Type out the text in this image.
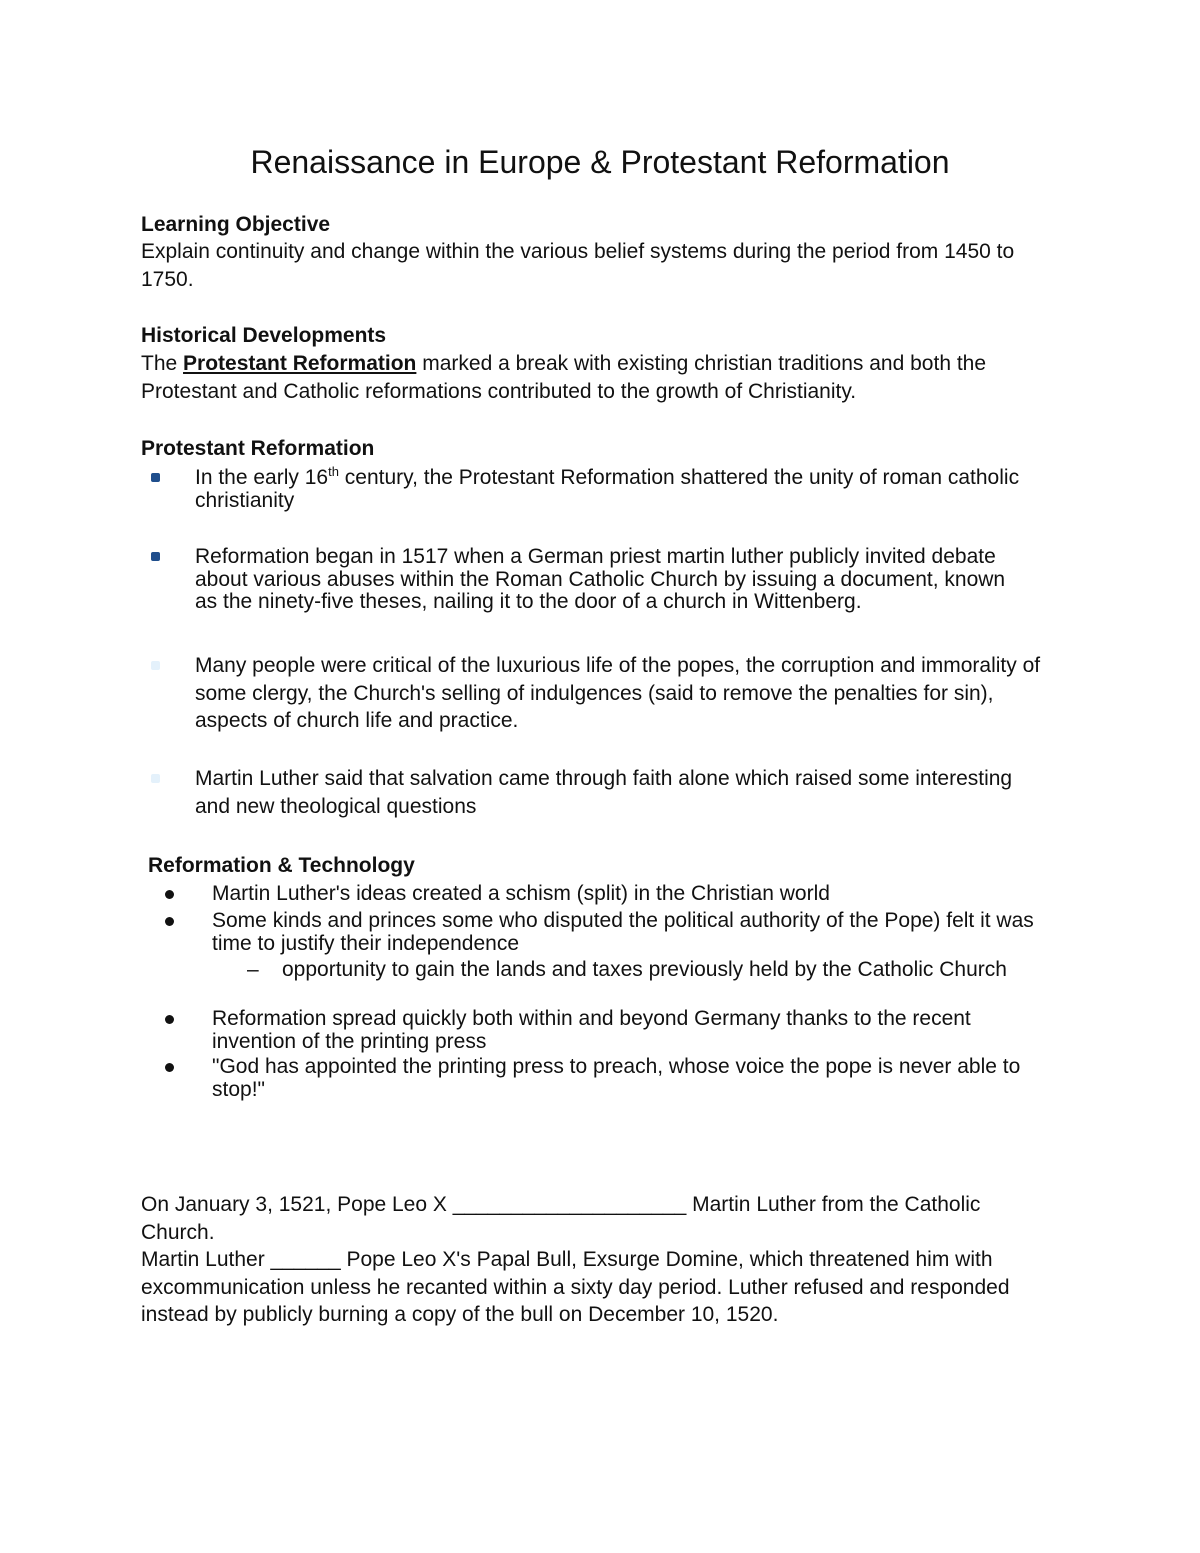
Renaissance in Europe & Protestant Reformation
Learning Objective
Explain continuity and change within the various belief systems during the period from 1450 to 1750.
Historical Developments
The Protestant Reformation marked a break with existing christian traditions and both the Protestant and Catholic reformations contributed to the growth of Christianity.
Protestant Reformation
In the early 16th century, the Protestant Reformation shattered the unity of roman catholic christianity
Reformation began in 1517 when a German priest martin luther publicly invited debate about various abuses within the Roman Catholic Church by issuing a document, known as the ninety-five theses, nailing it to the door of a church in Wittenberg.
Many people were critical of the luxurious life of the popes, the corruption and immorality of some clergy, the Church's selling of indulgences (said to remove the penalties for sin), aspects of church life and practice.
Martin Luther said that salvation came through faith alone which raised some interesting and new theological questions
Reformation & Technology
Martin Luther's ideas created a schism (split) in the Christian world
Some kinds and princes some who disputed the political authority of the Pope) felt it was time to justify their independence
– opportunity to gain the lands and taxes previously held by the Catholic Church
Reformation spread quickly both within and beyond Germany thanks to the recent invention of the printing press
"God has appointed the printing press to preach, whose voice the pope is never able to stop!"
On January 3, 1521, Pope Leo X ____________________ Martin Luther from the Catholic Church.
Martin Luther ______ Pope Leo X's Papal Bull, Exsurge Domine, which threatened him with excommunication unless he recanted within a sixty day period. Luther refused and responded instead by publicly burning a copy of the bull on December 10, 1520.
